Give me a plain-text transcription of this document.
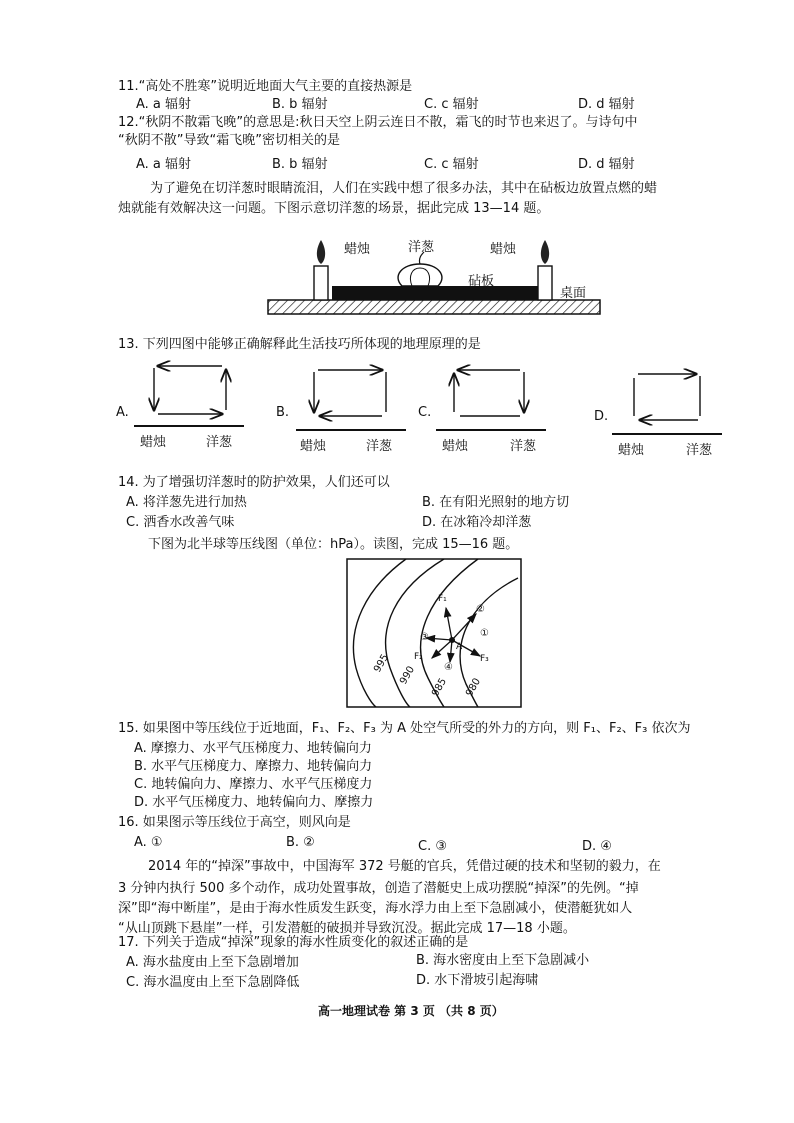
11.“高处不胜寒”说明近地面大气主要的直接热源是
A. a 辐射	B. b 辐射	C. c 辐射	D. d 辐射
12.“秋阴不散霜飞晚”的意思是:秋日天空上阴云连日不散，霜飞的时节也来迟了。与诗句中
“秋阴不散”导致“霜飞晚”密切相关的是
A. a 辐射	B. b 辐射	C. c 辐射	D. d 辐射
为了避免在切洋葱时眼睛流泪，人们在实践中想了很多办法，其中在砧板边放置点燃的蜡
烛就能有效解决这一问题。下图示意切洋葱的场景，据此完成 13—14 题。
蜡烛	洋葱	蜡烛
砧板
桌面
13. 下列四图中能够正确解释此生活技巧所体现的地理原理的是
A.
蜡烛	洋葱
B.
蜡烛	洋葱
C.
蜡烛	洋葱
D.
蜡烛	洋葱
14. 为了增强切洋葱时的防护效果，人们还可以
A. 将洋葱先进行加热	B. 在有阳光照射的地方切
C. 洒香水改善气味	D. 在冰箱冷却洋葱
下图为北半球等压线图（单位：hPa）。读图，完成 15—16 题。
995
990
985 980
F₁
F₂	F₃
A
②
①
③
④
15. 如果图中等压线位于近地面，F₁、F₂、F₃ 为 A 处空气所受的外力的方向，则 F₁、F₂、F₃ 依次为
A. 摩擦力、水平气压梯度力、地转偏向力
B. 水平气压梯度力、摩擦力、地转偏向力
C. 地转偏向力、摩擦力、水平气压梯度力
D. 水平气压梯度力、地转偏向力、摩擦力
16. 如果图示等压线位于高空，则风向是
A. ①	B. ②	C. ③	D. ④
2014 年的“掉深”事故中，中国海军 372 号艇的官兵，凭借过硬的技术和坚韧的毅力，在
3 分钟内执行 500 多个动作，成功处置事故，创造了潜艇史上成功摆脱“掉深”的先例。“掉
深”即“海中断崖”，是由于海水性质发生跃变，海水浮力由上至下急剧减小，使潜艇犹如人
“从山顶跳下悬崖”一样，引发潜艇的破损并导致沉没。据此完成 17—18 小题。
17. 下列关于造成“掉深”现象的海水性质变化的叙述正确的是
A. 海水盐度由上至下急剧增加	B. 海水密度由上至下急剧减小
C. 海水温度由上至下急剧降低	D. 水下滑坡引起海啸
高一地理试卷 第 3 页 （共 8 页）
